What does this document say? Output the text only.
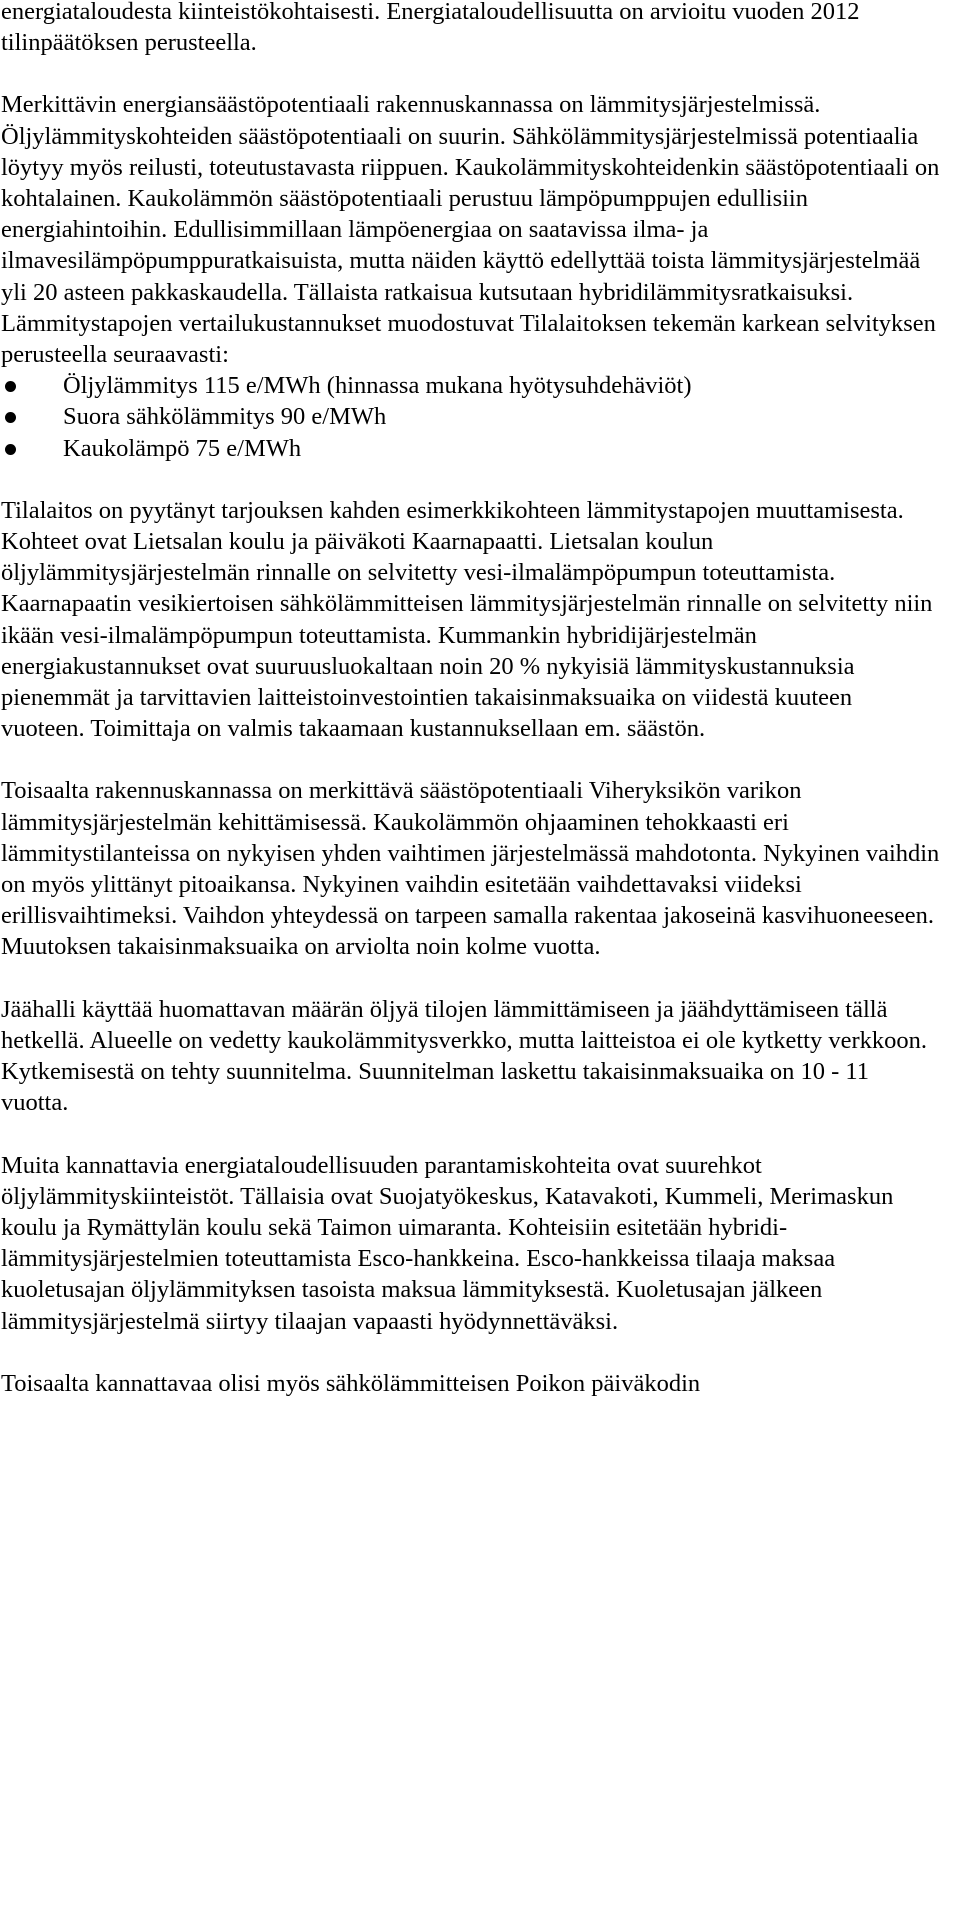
energiataloudesta kiinteistökohtaisesti. Energiataloudellisuutta on arvioitu vuoden 2012 tilinpäätöksen perusteella.

Merkittävin energiansäästöpotentiaali rakennuskannassa on lämmitysjärjestelmissä. Öljylämmityskohteiden säästöpotentiaali on suurin. Sähkölämmitysjärjestelmissä potentiaalia löytyy myös reilusti, toteutustavasta riippuen. Kaukolämmityskohteidenkin säästöpotentiaali on kohtalainen. Kaukolämmön säästöpotentiaali perustuu lämpöpumppujen edullisiin energiahintoihin. Edullisimmillaan lämpöenergiaa on saatavissa ilma- ja ilmavesilämpöpumppuratkaisuista, mutta näiden käyttö edellyttää toista lämmitysjärjestelmää yli 20 asteen pakkaskaudella. Tällaista ratkaisua kutsutaan hybridilämmitysratkaisuksi. Lämmitystapojen vertailukustannukset muodostuvat Tilalaitoksen tekemän karkean selvityksen perusteella seuraavasti:

Öljylämmitys 115 e/MWh (hinnassa mukana hyötysuhdehäviöt)
Suora sähkölämmitys 90 e/MWh
Kaukolämpö 75 e/MWh

Tilalaitos on pyytänyt tarjouksen kahden esimerkkikohteen lämmitystapojen muuttamisesta. Kohteet ovat Lietsalan koulu ja päiväkoti Kaarnapaatti. Lietsalan koulun öljylämmitysjärjestelmän rinnalle on selvitetty vesi-ilmalämpöpumpun toteuttamista. Kaarnapaatin vesikiertoisen sähkölämmitteisen lämmitysjärjestelmän rinnalle on selvitetty niin ikään vesi-ilmalämpöpumpun toteuttamista. Kummankin hybridijärjestelmän energiakustannukset ovat suuruusluokaltaan noin 20 % nykyisiä lämmityskustannuksia pienemmät ja tarvittavien laitteistoinvestointien takaisinmaksuaika on viidestä kuuteen vuoteen. Toimittaja on valmis takaamaan kustannuksellaan em. säästön.

Toisaalta rakennuskannassa on merkittävä säästöpotentiaali Viheryksikön varikon lämmitysjärjestelmän kehittämisessä. Kaukolämmön ohjaaminen tehokkaasti eri lämmitystilanteissa on nykyisen yhden vaihtimen järjestelmässä mahdotonta. Nykyinen vaihdin on myös ylittänyt pitoaikansa. Nykyinen vaihdin esitetään vaihdettavaksi viideksi erillisvaihtimeksi. Vaihdon yhteydessä on tarpeen samalla rakentaa jakoseinä kasvihuoneeseen. Muutoksen takaisinmaksuaika on arviolta noin kolme vuotta.

Jäähalli käyttää huomattavan määrän öljyä tilojen lämmittämiseen ja jäähdyttämiseen tällä hetkellä. Alueelle on vedetty kaukolämmitysverkko, mutta laitteistoa ei ole kytketty verkkoon. Kytkemisestä on tehty suunnitelma. Suunnitelman laskettu takaisinmaksuaika on 10 - 11 vuotta.

Muita kannattavia energiataloudellisuuden parantamiskohteita ovat suurehkot öljylämmityskiinteistöt. Tällaisia ovat Suojatyökeskus, Katavakoti, Kummeli, Merimaskun koulu ja Rymättylän koulu sekä Taimon uimaranta. Kohteisiin esitetään hybridi-lämmitysjärjestelmien toteuttamista Esco-hankkeina. Esco-hankkeissa tilaaja maksaa kuoletusajan öljylämmityksen tasoista maksua lämmityksestä. Kuoletusajan jälkeen lämmitysjärjestelmä siirtyy tilaajan vapaasti hyödynnettäväksi.

Toisaalta kannattavaa olisi myös sähkölämmitteisen Poikon päiväkodin
